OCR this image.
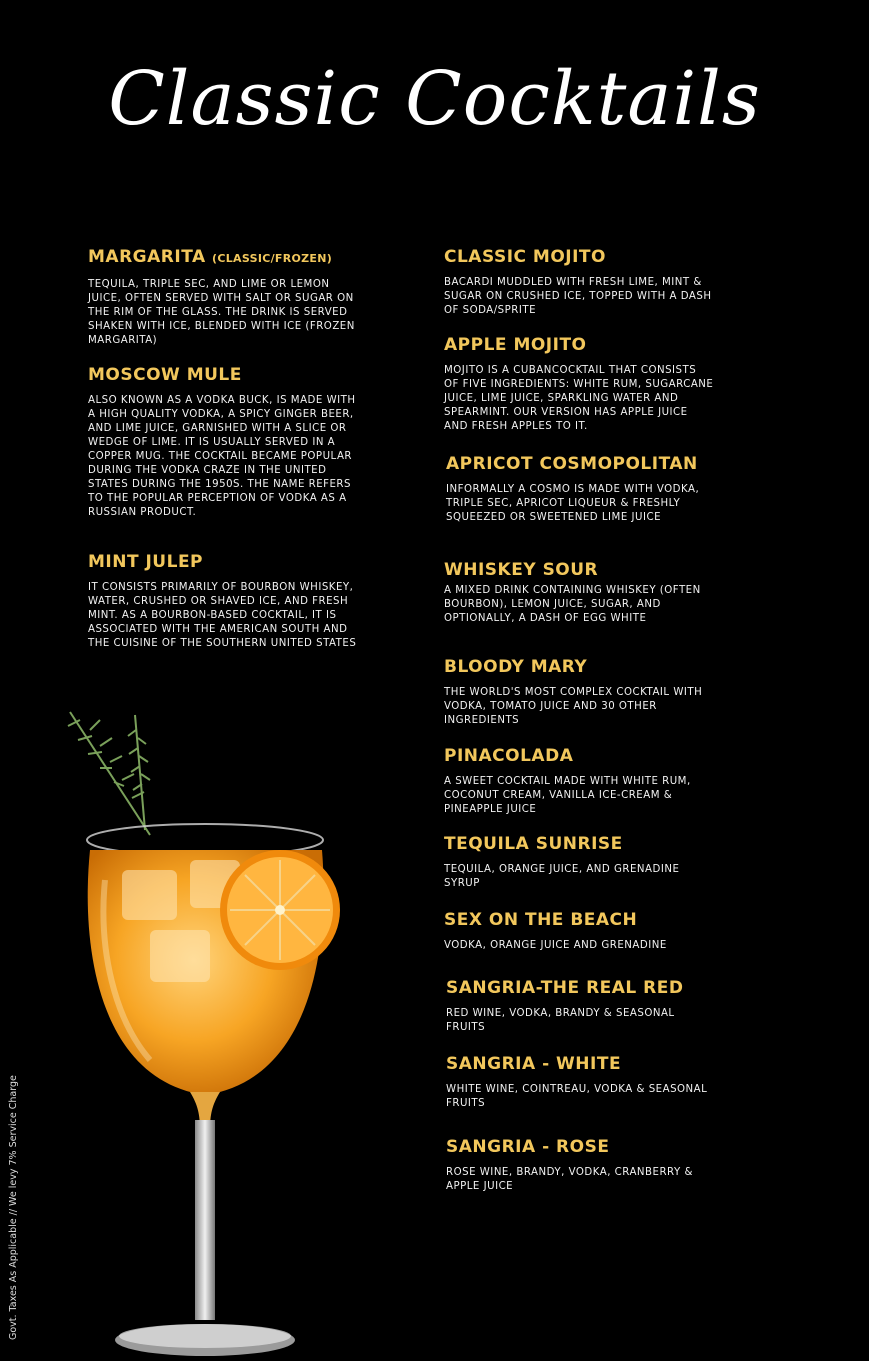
Classic Cocktails
MARGARITA (CLASSIC/FROZEN)
TEQUILA, TRIPLE SEC, AND LIME OR LEMON JUICE, OFTEN SERVED WITH SALT OR SUGAR ON THE RIM OF THE GLASS. THE DRINK IS SERVED SHAKEN WITH ICE, BLENDED WITH ICE (FROZEN MARGARITA)
MOSCOW MULE
ALSO KNOWN AS A VODKA BUCK, IS MADE WITH A HIGH QUALITY VODKA, A SPICY GINGER BEER, AND LIME JUICE, GARNISHED WITH A SLICE OR WEDGE OF LIME. IT IS USUALLY SERVED IN A COPPER MUG. THE COCKTAIL BECAME POPULAR DURING THE VODKA CRAZE IN THE UNITED STATES DURING THE 1950S. THE NAME REFERS TO THE POPULAR PERCEPTION OF VODKA AS A RUSSIAN PRODUCT.
MINT JULEP
IT CONSISTS PRIMARILY OF BOURBON WHISKEY, WATER, CRUSHED OR SHAVED ICE, AND FRESH MINT. AS A BOURBON-BASED COCKTAIL, IT IS ASSOCIATED WITH THE AMERICAN SOUTH AND THE CUISINE OF THE SOUTHERN UNITED STATES
CLASSIC MOJITO
BACARDI MUDDLED WITH FRESH LIME, MINT & SUGAR ON CRUSHED ICE, TOPPED WITH A DASH OF SODA/SPRITE
APPLE MOJITO
MOJITO IS A CUBANCOCKTAIL THAT CONSISTS OF FIVE INGREDIENTS: WHITE RUM, SUGARCANE JUICE, LIME JUICE, SPARKLING WATER AND SPEARMINT. OUR VERSION HAS APPLE JUICE AND FRESH APPLES TO IT.
APRICOT COSMOPOLITAN
INFORMALLY A COSMO IS MADE WITH VODKA, TRIPLE SEC, APRICOT LIQUEUR & FRESHLY SQUEEZED OR SWEETENED LIME JUICE
WHISKEY SOUR
A MIXED DRINK CONTAINING WHISKEY (OFTEN BOURBON), LEMON JUICE, SUGAR, AND OPTIONALLY, A DASH OF EGG WHITE
BLOODY MARY
THE WORLD'S MOST COMPLEX COCKTAIL WITH VODKA, TOMATO JUICE AND 30 OTHER INGREDIENTS
PINACOLADA
A SWEET COCKTAIL MADE WITH WHITE RUM, COCONUT CREAM, VANILLA ICE-CREAM & PINEAPPLE JUICE
TEQUILA SUNRISE
TEQUILA, ORANGE JUICE, AND GRENADINE SYRUP
SEX ON THE BEACH
VODKA, ORANGE JUICE AND GRENADINE
SANGRIA-THE REAL RED
RED WINE, VODKA, BRANDY & SEASONAL FRUITS
SANGRIA - WHITE
WHITE WINE, COINTREAU, VODKA & SEASONAL FRUITS
SANGRIA - ROSE
ROSE WINE, BRANDY, VODKA, CRANBERRY & APPLE JUICE
Govt. Taxes As Applicable // We levy 7% Service Charge
